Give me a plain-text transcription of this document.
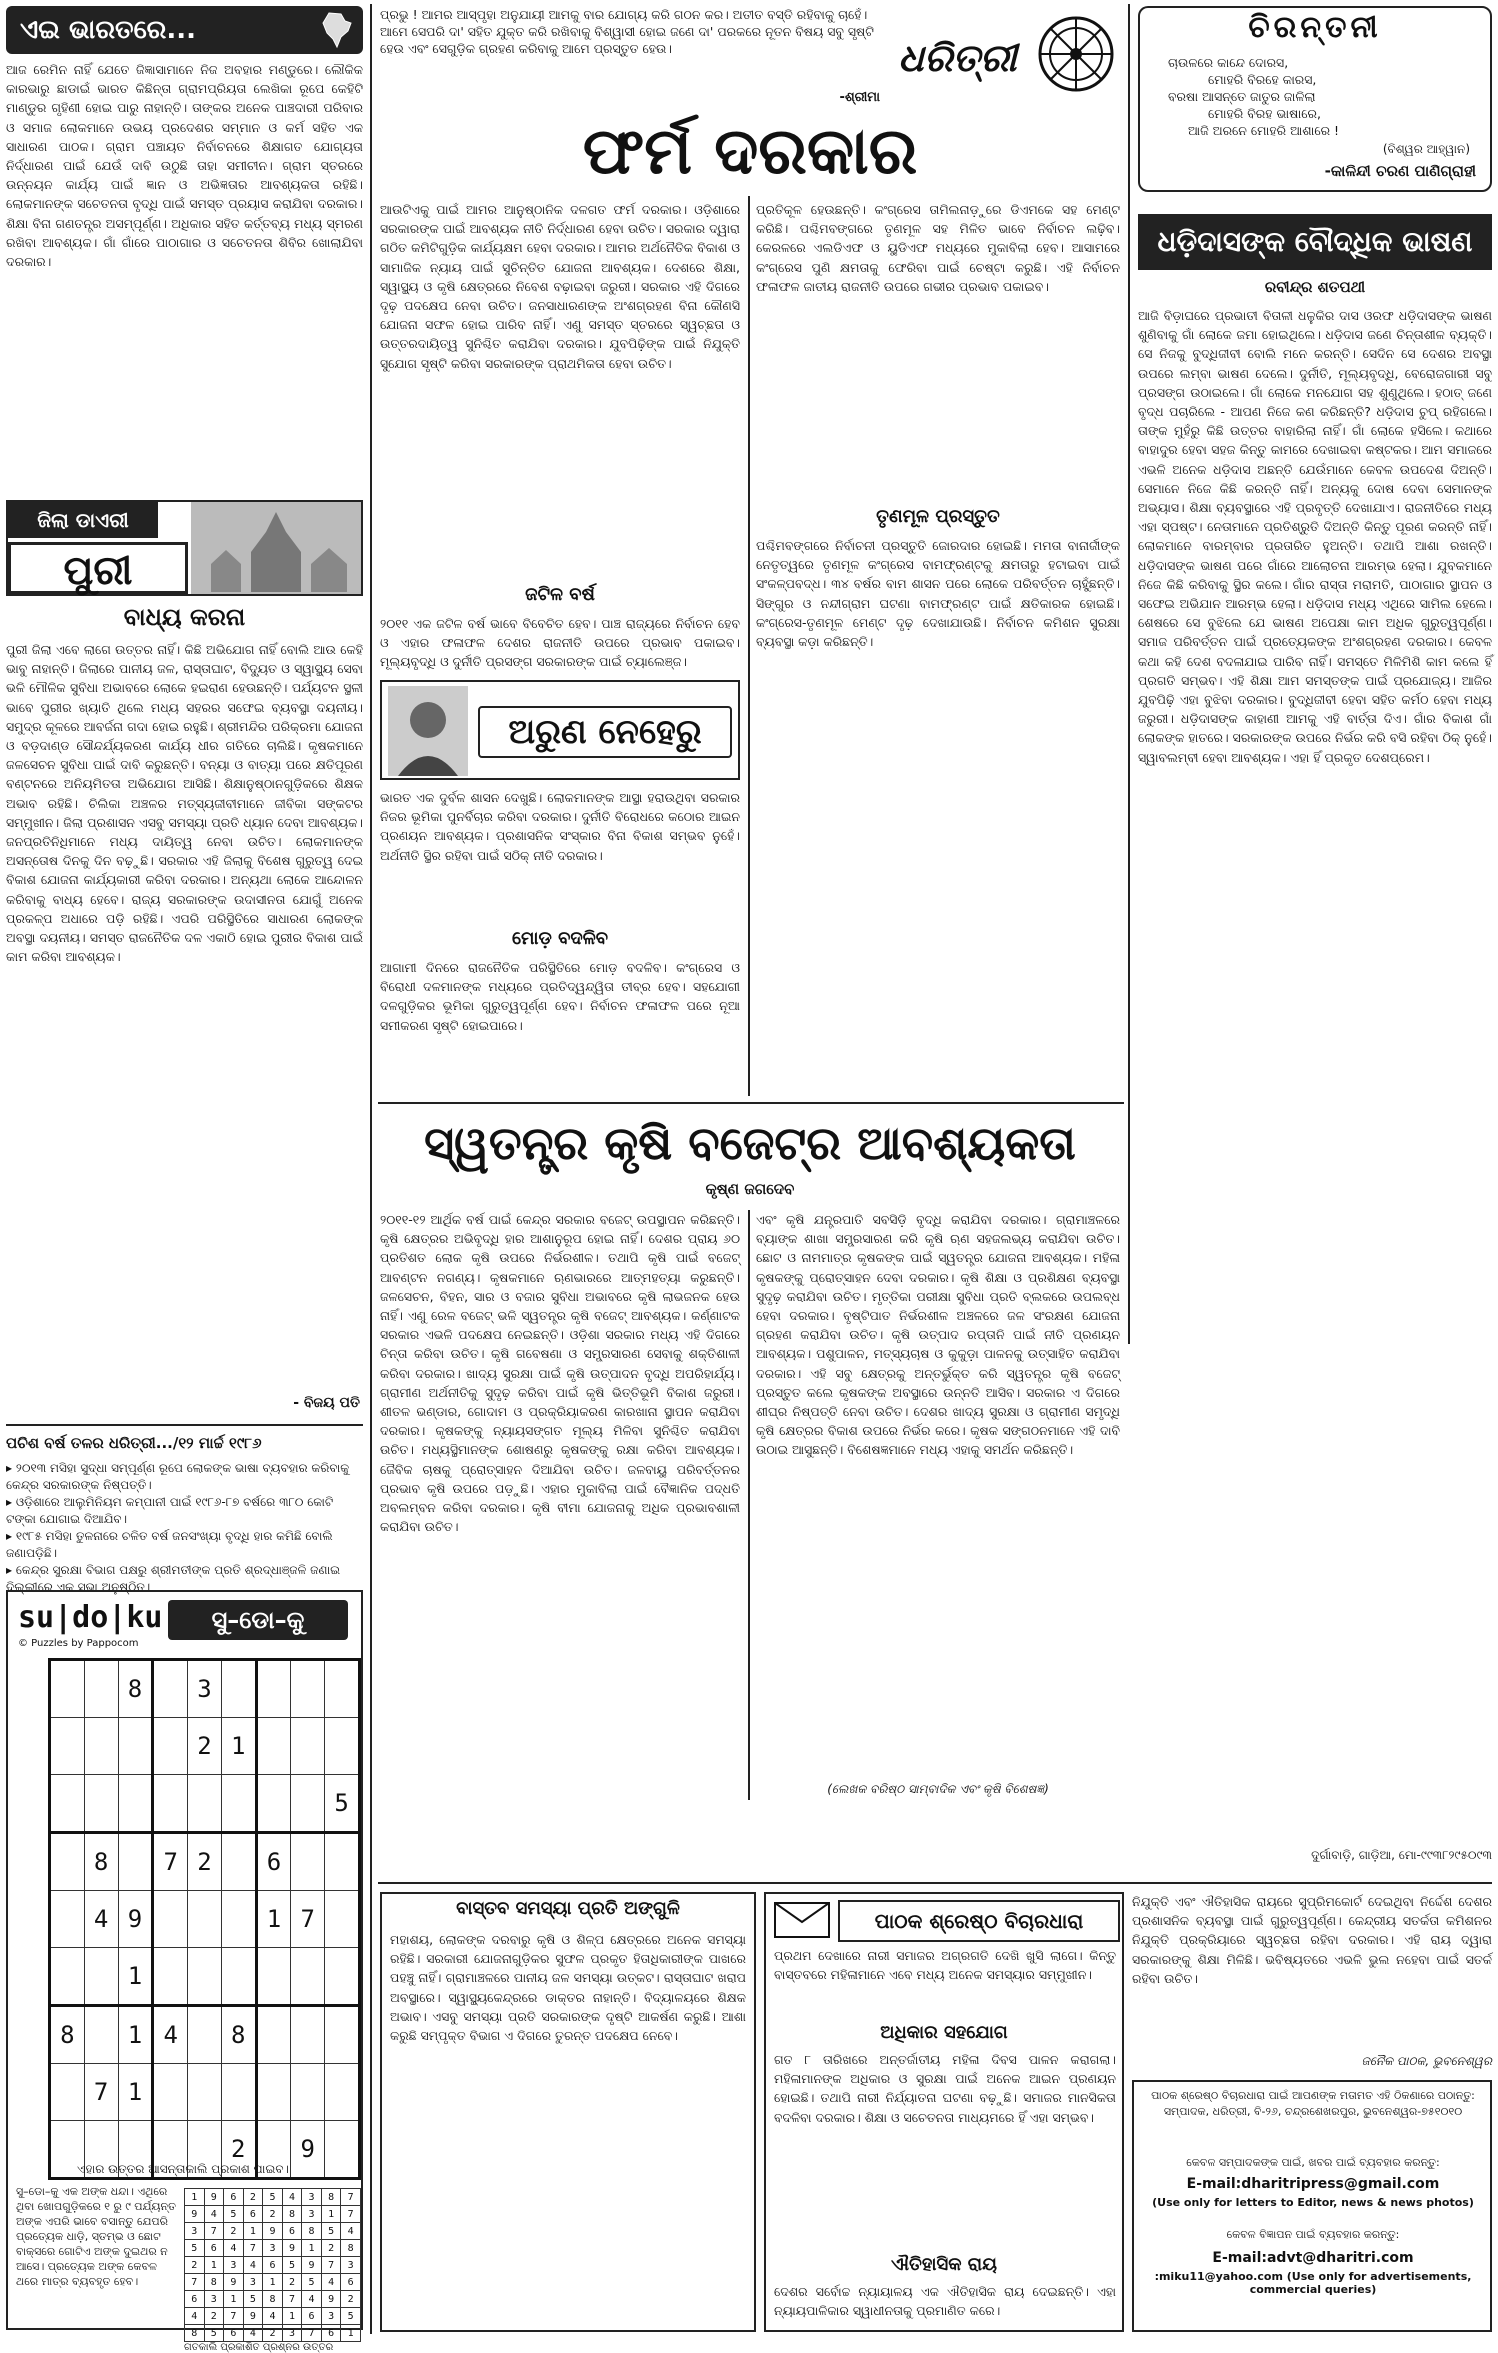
ଏଇ ଭାରତରେ...
ଆଜ ରେମିନ ନାହିଁ ଯେତେ ଜିଜ୍ଞାସାମାନେ ନିଜ ଅବହାର ମଣ୍ଡୁରେ। ଲୌକିକ କାରଭାରୁ ଛାଡାଇଁ ଭାରତ କିଛିନ୍ତା ଗ୍ରାମପ୍ରିୟତା ଲେଖିକା ରୂପେ କେହିଟି ମାଣ୍ଡୁର ଗୃହିଣୀ ହୋଇ ପାରୁ ନାହାନ୍ତି। ତାଙ୍କର ଅନେକ ପାଞ୍ଚଦାରୀ ପରିବାର ଓ ସମାଜ ଲୋକମାନେ ଉଭୟ ପ୍ରଦେଶର ସମ୍ମାନ ଓ କର୍ମ ସହିତ ଏକ ସାଧାରଣ ପାଠକ। ଗ୍ରାମ ପଞ୍ଚାୟତ ନିର୍ବାଚନରେ ଶିକ୍ଷାଗତ ଯୋଗ୍ୟତା ନିର୍ଦ୍ଧାରଣ ପାଇଁ ଯେଉଁ ଦାବି ଉଠୁଛି ତାହା ସମୀଚୀନ। ଗ୍ରାମ ସ୍ତରରେ ଉନ୍ନୟନ କାର୍ଯ୍ୟ ପାଇଁ ଜ୍ଞାନ ଓ ଅଭିଜ୍ଞତାର ଆବଶ୍ୟକତା ରହିଛି। ଲୋକମାନଙ୍କ ସଚେତନତା ବୃଦ୍ଧି ପାଇଁ ସମସ୍ତ ପ୍ରୟାସ କରାଯିବା ଦରକାର। ଶିକ୍ଷା ବିନା ଗଣତନ୍ତ୍ର ଅସମ୍ପୂର୍ଣ୍ଣ। ଅଧିକାର ସହିତ କର୍ତ୍ତବ୍ୟ ମଧ୍ୟ ସ୍ମରଣ ରଖିବା ଆବଶ୍ୟକ। ଗାଁ ଗାଁରେ ପାଠାଗାର ଓ ସଚେତନତା ଶିବିର ଖୋଲାଯିବା ଦରକାର।
ଜିଲା ଡାଏରୀ
ପୁରୀ
ବାଧ୍ୟ କରନା
ପୁରୀ ଜିଲା ଏବେ ଲାଗେ ଉତ୍ତର ନାହିଁ। କିଛି ଅଭିଯୋଗ ନାହିଁ ବୋଲି ଆଉ କେହି ଭାବୁ ନାହାନ୍ତି। ଜିଲାରେ ପାନୀୟ ଜଳ, ରାସ୍ତାଘାଟ, ବିଦ୍ୟୁତ ଓ ସ୍ୱାସ୍ଥ୍ୟ ସେବା ଭଳି ମୌଳିକ ସୁବିଧା ଅଭାବରେ ଲୋକେ ହଇରାଣ ହେଉଛନ୍ତି। ପର୍ଯ୍ୟଟନ ସ୍ଥଳୀ ଭାବେ ପୁରୀର ଖ୍ୟାତି ଥିଲେ ମଧ୍ୟ ସହରର ସଫେଇ ବ୍ୟବସ୍ଥା ଦୟନୀୟ। ସମୁଦ୍ର କୂଳରେ ଆବର୍ଜନା ଗଦା ହୋଇ ରହୁଛି। ଶ୍ରୀମନ୍ଦିର ପରିକ୍ରମା ଯୋଜନା ଓ ବଡ଼ଦାଣ୍ଡ ସୌନ୍ଦର୍ଯ୍ୟକରଣ କାର୍ଯ୍ୟ ଧୀର ଗତିରେ ଚାଲିଛି। କୃଷକମାନେ ଜଳସେଚନ ସୁବିଧା ପାଇଁ ଦାବି କରୁଛନ୍ତି। ବନ୍ୟା ଓ ବାତ୍ୟା ପରେ କ୍ଷତିପୂରଣ ବଣ୍ଟନରେ ଅନିୟମିତତା ଅଭିଯୋଗ ଆସିଛି। ଶିକ୍ଷାନୁଷ୍ଠାନଗୁଡ଼ିକରେ ଶିକ୍ଷକ ଅଭାବ ରହିଛି। ଚିଲିକା ଅଞ୍ଚଳର ମତ୍ସ୍ୟଜୀବୀମାନେ ଜୀବିକା ସଙ୍କଟର ସମ୍ମୁଖୀନ। ଜିଲା ପ୍ରଶାସନ ଏସବୁ ସମସ୍ୟା ପ୍ରତି ଧ୍ୟାନ ଦେବା ଆବଶ୍ୟକ। ଜନପ୍ରତିନିଧିମାନେ ମଧ୍ୟ ଦାୟିତ୍ୱ ନେବା ଉଚିତ। ଲୋକମାନଙ୍କ ଅସନ୍ତୋଷ ଦିନକୁ ଦିନ ବଢ଼ୁଛି। ସରକାର ଏହି ଜିଲାକୁ ବିଶେଷ ଗୁରୁତ୍ୱ ଦେଇ ବିକାଶ ଯୋଜନା କାର୍ଯ୍ୟକାରୀ କରିବା ଦରକାର। ଅନ୍ୟଥା ଲୋକେ ଆନ୍ଦୋଳନ କରିବାକୁ ବାଧ୍ୟ ହେବେ। ରାଜ୍ୟ ସରକାରଙ୍କ ଉଦାସୀନତା ଯୋଗୁଁ ଅନେକ ପ୍ରକଳ୍ପ ଅଧାରେ ପଡ଼ି ରହିଛି। ଏପରି ପରିସ୍ଥିତିରେ ସାଧାରଣ ଲୋକଙ୍କ ଅବସ୍ଥା ଦୟନୀୟ। ସମସ୍ତ ରାଜନୈତିକ ଦଳ ଏକାଠି ହୋଇ ପୁରୀର ବିକାଶ ପାଇଁ କାମ କରିବା ଆବଶ୍ୟକ।
- ବିଜୟ ପତି
ପଚିଶ ବର୍ଷ ତଳର ଧରିତ୍ରୀ.../୧୨ ମାର୍ଚ୍ଚ ୧୯୮୬
▸ ୨୦୧୩ ମସିହା ସୁଦ୍ଧା ସମ୍ପୂର୍ଣ୍ଣ ରୂପେ ଲୋକଙ୍କ ଭାଷା ବ୍ୟବହାର କରିବାକୁ କେନ୍ଦ୍ର ସରକାରଙ୍କ ନିଷ୍ପତ୍ତି।
▸ ଓଡ଼ିଶାରେ ଆଲୁମିନିୟମ କମ୍ପାନୀ ପାଇଁ ୧୯୮୬-୮୭ ବର୍ଷରେ ୩୮୦ କୋଟି ଟଙ୍କା ଯୋଗାଇ ଦିଆଯିବ।
▸ ୧୯୮୫ ମସିହା ତୁଳନାରେ ଚଳିତ ବର୍ଷ ଜନସଂଖ୍ୟା ବୃଦ୍ଧି ହାର କମିଛି ବୋଲି ଜଣାପଡ଼ିଛି।
▸ କେନ୍ଦ୍ର ସୁରକ୍ଷା ବିଭାଗ ପକ୍ଷରୁ ଶ୍ରୀମତୀଙ୍କ ପ୍ରତି ଶ୍ରଦ୍ଧାଞ୍ଜଳି ଜଣାଇ ଦିଲ୍ଲୀରେ ଏକ ସଭା ଅନୁଷ୍ଠିତ।
su|do|ku
© Puzzles by Pappocom
ସୁ–ଡୋ–କୁ
		8		3				
				2	1			
								5
	8		7	2		6		
	4	9				1	7	
		1						
8		1	4		8			
	7	1						
					2		9	
ଏହାର ଉତ୍ତର ଆସନ୍ତାକାଲି ପ୍ରକାଶ ପାଇବ।
ସୁ–ଡୋ–କୁ ଏକ ଅଙ୍କ ଧନ୍ଦା। ଏଥିରେ ଥିବା ଖୋପଗୁଡ଼ିକରେ ୧ ରୁ ୯ ପର୍ଯ୍ୟନ୍ତ ଅଙ୍କ ଏପରି ଭାବେ ବସାନ୍ତୁ ଯେପରି ପ୍ରତ୍ୟେକ ଧାଡ଼ି, ସ୍ତମ୍ଭ ଓ ଛୋଟ ବାକ୍ସରେ ଗୋଟିଏ ଅଙ୍କ ଦୁଇଥର ନ ଆସେ। ପ୍ରତ୍ୟେକ ଅଙ୍କ କେବଳ ଥରେ ମାତ୍ର ବ୍ୟବହୃତ ହେବ।
1	9	6	2	5	4	3	8	7
9	4	5	6	2	8	3	1	7
3	7	2	1	9	6	8	5	4
5	6	4	7	3	9	1	2	8
2	1	3	4	6	5	9	7	3
7	8	9	3	1	2	5	4	6
6	3	1	5	8	7	4	9	2
4	2	7	9	4	1	6	3	5
8	5	6	4	2	3	7	6	1
ଗତକାଲି ପ୍ରକାଶିତ ପ୍ରଶ୍ନର ଉତ୍ତର
ପ୍ରଭୁ ! ଆମର ଆସ୍ପୃହା ଅନୁଯାୟୀ ଆମକୁ ବାର ଯୋଗ୍ୟ କରି ଗଠନ କର। ଅତୀତ ବସ୍ତି ରହିବାକୁ ଚାହେଁ। ଆମେ ସେପରି ଦା' ସହିତ ଯୁକ୍ତ କରି ରଖିବାକୁ ବିଶ୍ୱାସୀ ହୋଇ ଜଣେ ଦା' ପରକରେ ନୂତନ ବିଷୟ ସବୁ ସୃଷ୍ଟି ହେଉ ଏବଂ ସେଗୁଡ଼ିକ ଗ୍ରହଣ କରିବାକୁ ଆମେ ପ୍ରସ୍ତୁତ ହେଉ।
-ଶ୍ରୀମା
ଧରିତ୍ରୀ
ଫର୍ମ ଦରକାର
ଆଉଟିଏକୁ ପାଇଁ ଆମର ଆନୁଷ୍ଠାନିକ ଦଳଗତ ଫର୍ମ ଦରକାର। ଓଡ଼ିଶାରେ ସରକାରଙ୍କ ପାଇଁ ଆବଶ୍ୟକ ନୀତି ନିର୍ଦ୍ଧାରଣ ହେବା ଉଚିତ। ସରକାର ଦ୍ୱାରା ଗଠିତ କମିଟିଗୁଡ଼ିକ କାର୍ଯ୍ୟକ୍ଷମ ହେବା ଦରକାର। ଆମର ଅର୍ଥନୈତିକ ବିକାଶ ଓ ସାମାଜିକ ନ୍ୟାୟ ପାଇଁ ସୁଚିନ୍ତିତ ଯୋଜନା ଆବଶ୍ୟକ। ଦେଶରେ ଶିକ୍ଷା, ସ୍ୱାସ୍ଥ୍ୟ ଓ କୃଷି କ୍ଷେତ୍ରରେ ନିବେଶ ବଢ଼ାଇବା ଜରୁରୀ। ସରକାର ଏହି ଦିଗରେ ଦୃଢ଼ ପଦକ୍ଷେପ ନେବା ଉଚିତ। ଜନସାଧାରଣଙ୍କ ଅଂଶଗ୍ରହଣ ବିନା କୌଣସି ଯୋଜନା ସଫଳ ହୋଇ ପାରିବ ନାହିଁ। ଏଣୁ ସମସ୍ତ ସ୍ତରରେ ସ୍ୱଚ୍ଛତା ଓ ଉତ୍ତରଦାୟିତ୍ୱ ସୁନିଶ୍ଚିତ କରାଯିବା ଦରକାର। ଯୁବପିଢ଼ିଙ୍କ ପାଇଁ ନିଯୁକ୍ତି ସୁଯୋଗ ସୃଷ୍ଟି କରିବା ସରକାରଙ୍କ ପ୍ରାଥମିକତା ହେବା ଉଚିତ।
ଜଟିଳ ବର୍ଷ
୨୦୧୧ ଏକ ଜଟିଳ ବର୍ଷ ଭାବେ ବିବେଚିତ ହେବ। ପାଞ୍ଚ ରାଜ୍ୟରେ ନିର୍ବାଚନ ହେବ ଓ ଏହାର ଫଳାଫଳ ଦେଶର ରାଜନୀତି ଉପରେ ପ୍ରଭାବ ପକାଇବ। ମୂଲ୍ୟବୃଦ୍ଧି ଓ ଦୁର୍ନୀତି ପ୍ରସଙ୍ଗ ସରକାରଙ୍କ ପାଇଁ ଚ୍ୟାଲେଞ୍ଜ।
ଅରୁଣ ନେହେରୁ
ଭାରତ ଏକ ଦୁର୍ବଳ ଶାସନ ଦେଖୁଛି। ଲୋକମାନଙ୍କ ଆସ୍ଥା ହରାଉଥିବା ସରକାର ନିଜର ଭୂମିକା ପୁନର୍ବିଚାର କରିବା ଦରକାର। ଦୁର୍ନୀତି ବିରୋଧରେ କଠୋର ଆଇନ ପ୍ରଣୟନ ଆବଶ୍ୟକ। ପ୍ରଶାସନିକ ସଂସ୍କାର ବିନା ବିକାଶ ସମ୍ଭବ ନୁହେଁ। ଅର୍ଥନୀତି ସ୍ଥିର ରହିବା ପାଇଁ ସଠିକ୍ ନୀତି ଦରକାର।
ମୋଡ଼ ବଦଳିବ
ଆଗାମୀ ଦିନରେ ରାଜନୈତିକ ପରିସ୍ଥିତିରେ ମୋଡ଼ ବଦଳିବ। କଂଗ୍ରେସ ଓ ବିରୋଧୀ ଦଳମାନଙ୍କ ମଧ୍ୟରେ ପ୍ରତିଦ୍ୱନ୍ଦ୍ୱିତା ତୀବ୍ର ହେବ। ସହଯୋଗୀ ଦଳଗୁଡ଼ିକର ଭୂମିକା ଗୁରୁତ୍ୱପୂର୍ଣ୍ଣ ହେବ। ନିର୍ବାଚନ ଫଳାଫଳ ପରେ ନୂଆ ସମୀକରଣ ସୃଷ୍ଟି ହୋଇପାରେ।
ପ୍ରତିକୂଳ ହେଉଛନ୍ତି। କଂଗ୍ରେସ ତାମିଲନାଡ଼ୁରେ ଡିଏମକେ ସହ ମେଣ୍ଟ କରିଛି। ପଶ୍ଚିମବଙ୍ଗରେ ତୃଣମୂଳ ସହ ମିଳିତ ଭାବେ ନିର୍ବାଚନ ଲଢ଼ିବ। କେରଳରେ ଏଲଡିଏଫ ଓ ୟୁଡିଏଫ ମଧ୍ୟରେ ମୁକାବିଲା ହେବ। ଆସାମରେ କଂଗ୍ରେସ ପୁଣି କ୍ଷମତାକୁ ଫେରିବା ପାଇଁ ଚେଷ୍ଟା କରୁଛି। ଏହି ନିର୍ବାଚନ ଫଳାଫଳ ଜାତୀୟ ରାଜନୀତି ଉପରେ ଗଭୀର ପ୍ରଭାବ ପକାଇବ।
ତୃଣମୂଳ ପ୍ରସ୍ତୁତ
ପଶ୍ଚିମବଙ୍ଗରେ ନିର୍ବାଚନୀ ପ୍ରସ୍ତୁତି ଜୋରଦାର ହୋଇଛି। ମମତା ବାନାର୍ଜୀଙ୍କ ନେତୃତ୍ୱରେ ତୃଣମୂଳ କଂଗ୍ରେସ ବାମଫ୍ରଣ୍ଟକୁ କ୍ଷମତାରୁ ହଟାଇବା ପାଇଁ ସଂକଳ୍ପବଦ୍ଧ। ୩୪ ବର୍ଷର ବାମ ଶାସନ ପରେ ଲୋକେ ପରିବର୍ତ୍ତନ ଚାହୁଁଛନ୍ତି। ସିଙ୍ଗୁର ଓ ନନ୍ଦୀଗ୍ରାମ ଘଟଣା ବାମଫ୍ରଣ୍ଟ ପାଇଁ କ୍ଷତିକାରକ ହୋଇଛି। କଂଗ୍ରେସ-ତୃଣମୂଳ ମେଣ୍ଟ ଦୃଢ଼ ଦେଖାଯାଉଛି। ନିର୍ବାଚନ କମିଶନ ସୁରକ୍ଷା ବ୍ୟବସ୍ଥା କଡ଼ା କରିଛନ୍ତି।
ସ୍ୱତନ୍ତ୍ର କୃଷି ବଜେଟ୍‌ର ଆବଶ୍ୟକତା
କୃଷ୍ଣ ଜଗଦେବ
୨୦୧୧-୧୨ ଆର୍ଥିକ ବର୍ଷ ପାଇଁ କେନ୍ଦ୍ର ସରକାର ବଜେଟ୍ ଉପସ୍ଥାପନ କରିଛନ୍ତି। କୃଷି କ୍ଷେତ୍ରର ଅଭିବୃଦ୍ଧି ହାର ଆଶାନୁରୂପ ହୋଇ ନାହିଁ। ଦେଶର ପ୍ରାୟ ୬୦ ପ୍ରତିଶତ ଲୋକ କୃଷି ଉପରେ ନିର୍ଭରଶୀଳ। ତଥାପି କୃଷି ପାଇଁ ବଜେଟ୍ ଆବଣ୍ଟନ ନଗଣ୍ୟ। କୃଷକମାନେ ଋଣଭାରରେ ଆତ୍ମହତ୍ୟା କରୁଛନ୍ତି। ଜଳସେଚନ, ବିହନ, ସାର ଓ ବଜାର ସୁବିଧା ଅଭାବରେ କୃଷି ଲାଭଜନକ ହେଉ ନାହିଁ। ଏଣୁ ରେଳ ବଜେଟ୍ ଭଳି ସ୍ୱତନ୍ତ୍ର କୃଷି ବଜେଟ୍ ଆବଶ୍ୟକ। କର୍ଣ୍ଣାଟକ ସରକାର ଏଭଳି ପଦକ୍ଷେପ ନେଇଛନ୍ତି। ଓଡ଼ିଶା ସରକାର ମଧ୍ୟ ଏହି ଦିଗରେ ଚିନ୍ତା କରିବା ଉଚିତ। କୃଷି ଗବେଷଣା ଓ ସମ୍ପ୍ରସାରଣ ସେବାକୁ ଶକ୍ତିଶାଳୀ କରିବା ଦରକାର। ଖାଦ୍ୟ ସୁରକ୍ଷା ପାଇଁ କୃଷି ଉତ୍ପାଦନ ବୃଦ୍ଧି ଅପରିହାର୍ଯ୍ୟ। ଗ୍ରାମୀଣ ଅର୍ଥନୀତିକୁ ସୁଦୃଢ଼ କରିବା ପାଇଁ କୃଷି ଭିତ୍ତିଭୂମି ବିକାଶ ଜରୁରୀ। ଶୀତଳ ଭଣ୍ଡାର, ଗୋଦାମ ଓ ପ୍ରକ୍ରିୟାକରଣ କାରଖାନା ସ୍ଥାପନ କରାଯିବା ଦରକାର। କୃଷକଙ୍କୁ ନ୍ୟାୟସଙ୍ଗତ ମୂଲ୍ୟ ମିଳିବା ସୁନିଶ୍ଚିତ କରାଯିବା ଉଚିତ। ମଧ୍ୟସ୍ଥିମାନଙ୍କ ଶୋଷଣରୁ କୃଷକଙ୍କୁ ରକ୍ଷା କରିବା ଆବଶ୍ୟକ। ଜୈବିକ ଚାଷକୁ ପ୍ରୋତ୍ସାହନ ଦିଆଯିବା ଉଚିତ। ଜଳବାୟୁ ପରିବର୍ତ୍ତନର ପ୍ରଭାବ କୃଷି ଉପରେ ପଡ଼ୁଛି। ଏହାର ମୁକାବିଲା ପାଇଁ ବୈଜ୍ଞାନିକ ପଦ୍ଧତି ଅବଲମ୍ବନ କରିବା ଦରକାର। କୃଷି ବୀମା ଯୋଜନାକୁ ଅଧିକ ପ୍ରଭାବଶାଳୀ କରାଯିବା ଉଚିତ।
ଏବଂ କୃଷି ଯନ୍ତ୍ରପାତି ସବସିଡ଼ି ବୃଦ୍ଧି କରାଯିବା ଦରକାର। ଗ୍ରାମାଞ୍ଚଳରେ ବ୍ୟାଙ୍କ ଶାଖା ସମ୍ପ୍ରସାରଣ କରି କୃଷି ଋଣ ସହଜଲଭ୍ୟ କରାଯିବା ଉଚିତ। ଛୋଟ ଓ ନାମମାତ୍ର କୃଷକଙ୍କ ପାଇଁ ସ୍ୱତନ୍ତ୍ର ଯୋଜନା ଆବଶ୍ୟକ। ମହିଳା କୃଷକଙ୍କୁ ପ୍ରୋତ୍ସାହନ ଦେବା ଦରକାର। କୃଷି ଶିକ୍ଷା ଓ ପ୍ରଶିକ୍ଷଣ ବ୍ୟବସ୍ଥା ସୁଦୃଢ଼ କରାଯିବା ଉଚିତ। ମୃତ୍ତିକା ପରୀକ୍ଷା ସୁବିଧା ପ୍ରତି ବ୍ଲକରେ ଉପଲବ୍ଧ ହେବା ଦରକାର। ବୃଷ୍ଟିପାତ ନିର୍ଭରଶୀଳ ଅଞ୍ଚଳରେ ଜଳ ସଂରକ୍ଷଣ ଯୋଜନା ଗ୍ରହଣ କରାଯିବା ଉଚିତ। କୃଷି ଉତ୍ପାଦ ରପ୍ତାନି ପାଇଁ ନୀତି ପ୍ରଣୟନ ଆବଶ୍ୟକ। ପଶୁପାଳନ, ମତ୍ସ୍ୟଚାଷ ଓ କୁକୁଡ଼ା ପାଳନକୁ ଉତ୍ସାହିତ କରାଯିବା ଦରକାର। ଏହି ସବୁ କ୍ଷେତ୍ରକୁ ଅନ୍ତର୍ଭୁକ୍ତ କରି ସ୍ୱତନ୍ତ୍ର କୃଷି ବଜେଟ୍ ପ୍ରସ୍ତୁତ କଲେ କୃଷକଙ୍କ ଅବସ୍ଥାରେ ଉନ୍ନତି ଆସିବ। ସରକାର ଏ ଦିଗରେ ଶୀଘ୍ର ନିଷ୍ପତ୍ତି ନେବା ଉଚିତ। ଦେଶର ଖାଦ୍ୟ ସୁରକ୍ଷା ଓ ଗ୍ରାମୀଣ ସମୃଦ୍ଧି କୃଷି କ୍ଷେତ୍ରର ବିକାଶ ଉପରେ ନିର୍ଭର କରେ। କୃଷକ ସଙ୍ଗଠନମାନେ ଏହି ଦାବି ଉଠାଇ ଆସୁଛନ୍ତି। ବିଶେଷଜ୍ଞମାନେ ମଧ୍ୟ ଏହାକୁ ସମର୍ଥନ କରିଛନ୍ତି।
(ଲେଖକ ବରିଷ୍ଠ ସାମ୍ବାଦିକ ଏବଂ କୃଷି ବିଶେଷଜ୍ଞ)
ଚିରନ୍ତନୀ
ଚାଉଳରେ କାନ୍ଦେ ଦୋରସ,
ମୋହରି ବିରହେ କାରସ,
ବରଷା ଆସନ୍ତେ ଜାତୁର ଜାଳିଲା
ମୋହରି ବିରହ ଭାଷାରେ,
ଆଜି ଅରନେ ମୋହରି ଆଶାରେ !
(ବିଶ୍ୱର ଆହ୍ୱାନ)
-କାଳିନ୍ଦୀ ଚରଣ ପାଣିଗ୍ରାହୀ
ଧଡ଼ିଦାସଙ୍କ ବୌଦ୍ଧିକ ଭାଷଣ
ରବୀନ୍ଦ୍ର ଶତପଥୀ
ଆଜି ବିଡ଼ାଘରେ ପ୍ରଭାତୀ ବିତାଳୀ ଧଳୁକିର ଦାସ ଓରଫ ଧଡ଼ିଦାସଙ୍କ ଭାଷଣ ଶୁଣିବାକୁ ଗାଁ ଲୋକେ ଜମା ହୋଇଥିଲେ। ଧଡ଼ିଦାସ ଜଣେ ଚିନ୍ତାଶୀଳ ବ୍ୟକ୍ତି। ସେ ନିଜକୁ ବୁଦ୍ଧିଜୀବୀ ବୋଲି ମନେ କରନ୍ତି। ସେଦିନ ସେ ଦେଶର ଅବସ୍ଥା ଉପରେ ଲମ୍ବା ଭାଷଣ ଦେଲେ। ଦୁର୍ନୀତି, ମୂଲ୍ୟବୃଦ୍ଧି, ବେରୋଜଗାରୀ ସବୁ ପ୍ରସଙ୍ଗ ଉଠାଇଲେ। ଗାଁ ଲୋକେ ମନଯୋଗ ସହ ଶୁଣୁଥିଲେ। ହଠାତ୍ ଜଣେ ବୃଦ୍ଧ ପଚାରିଲେ - ଆପଣ ନିଜେ କଣ କରିଛନ୍ତି? ଧଡ଼ିଦାସ ଚୁପ୍ ରହିଗଲେ। ତାଙ୍କ ମୁହଁରୁ କିଛି ଉତ୍ତର ବାହାରିଲା ନାହିଁ। ଗାଁ ଲୋକେ ହସିଲେ। କଥାରେ ବାହାଦୁର ହେବା ସହଜ କିନ୍ତୁ କାମରେ ଦେଖାଇବା କଷ୍ଟକର। ଆମ ସମାଜରେ ଏଭଳି ଅନେକ ଧଡ଼ିଦାସ ଅଛନ୍ତି ଯେଉଁମାନେ କେବଳ ଉପଦେଶ ଦିଅନ୍ତି। ସେମାନେ ନିଜେ କିଛି କରନ୍ତି ନାହିଁ। ଅନ୍ୟକୁ ଦୋଷ ଦେବା ସେମାନଙ୍କ ଅଭ୍ୟାସ। ଶିକ୍ଷା ବ୍ୟବସ୍ଥାରେ ଏହି ପ୍ରବୃତ୍ତି ଦେଖାଯାଏ। ରାଜନୀତିରେ ମଧ୍ୟ ଏହା ସ୍ପଷ୍ଟ। ନେତାମାନେ ପ୍ରତିଶ୍ରୁତି ଦିଅନ୍ତି କିନ୍ତୁ ପୂରଣ କରନ୍ତି ନାହିଁ। ଲୋକମାନେ ବାରମ୍ବାର ପ୍ରତାରିତ ହୁଅନ୍ତି। ତଥାପି ଆଶା ରଖନ୍ତି। ଧଡ଼ିଦାସଙ୍କ ଭାଷଣ ପରେ ଗାଁରେ ଆଲୋଚନା ଆରମ୍ଭ ହେଲା। ଯୁବକମାନେ ନିଜେ କିଛି କରିବାକୁ ସ୍ଥିର କଲେ। ଗାଁର ରାସ୍ତା ମରାମତି, ପାଠାଗାର ସ୍ଥାପନ ଓ ସଫେଇ ଅଭିଯାନ ଆରମ୍ଭ ହେଲା। ଧଡ଼ିଦାସ ମଧ୍ୟ ଏଥିରେ ସାମିଲ ହେଲେ। ଶେଷରେ ସେ ବୁଝିଲେ ଯେ ଭାଷଣ ଅପେକ୍ଷା କାମ ଅଧିକ ଗୁରୁତ୍ୱପୂର୍ଣ୍ଣ। ସମାଜ ପରିବର୍ତ୍ତନ ପାଇଁ ପ୍ରତ୍ୟେକଙ୍କ ଅଂଶଗ୍ରହଣ ଦରକାର। କେବଳ କଥା କହି ଦେଶ ବଦଳାଯାଇ ପାରିବ ନାହିଁ। ସମସ୍ତେ ମିଳିମିଶି କାମ କଲେ ହିଁ ପ୍ରଗତି ସମ୍ଭବ। ଏହି ଶିକ୍ଷା ଆମ ସମସ୍ତଙ୍କ ପାଇଁ ପ୍ରଯୋଜ୍ୟ। ଆଜିର ଯୁବପିଢ଼ି ଏହା ବୁଝିବା ଦରକାର। ବୁଦ୍ଧିଜୀବୀ ହେବା ସହିତ କର୍ମଠ ହେବା ମଧ୍ୟ ଜରୁରୀ। ଧଡ଼ିଦାସଙ୍କ କାହାଣୀ ଆମକୁ ଏହି ବାର୍ତ୍ତା ଦିଏ। ଗାଁର ବିକାଶ ଗାଁ ଲୋକଙ୍କ ହାତରେ। ସରକାରଙ୍କ ଉପରେ ନିର୍ଭର କରି ବସି ରହିବା ଠିକ୍ ନୁହେଁ। ସ୍ୱାବଲମ୍ବୀ ହେବା ଆବଶ୍ୟକ। ଏହା ହିଁ ପ୍ରକୃତ ଦେଶପ୍ରେମ।
ଦୁର୍ଗାବାଡ଼ି, ଗାଡ଼ିଆ, ମୋ-୯୯୩୮୨୯୫୦୯୩
ବାସ୍ତବ ସମସ୍ୟା ପ୍ରତି ଅଙ୍ଗୁଳି
ମହାଶୟ, ଲୋକଙ୍କ ଦରବାରୁ କୃଷି ଓ ଶିଳ୍ପ କ୍ଷେତ୍ରରେ ଅନେକ ସମସ୍ୟା ରହିଛି। ସରକାରୀ ଯୋଜନାଗୁଡ଼ିକର ସୁଫଳ ପ୍ରକୃତ ହିତାଧିକାରୀଙ୍କ ପାଖରେ ପହଞ୍ଚୁ ନାହିଁ। ଗ୍ରାମାଞ୍ଚଳରେ ପାନୀୟ ଜଳ ସମସ୍ୟା ଉତ୍କଟ। ରାସ୍ତାଘାଟ ଖରାପ ଅବସ୍ଥାରେ। ସ୍ୱାସ୍ଥ୍ୟକେନ୍ଦ୍ରରେ ଡାକ୍ତର ନାହାନ୍ତି। ବିଦ୍ୟାଳୟରେ ଶିକ୍ଷକ ଅଭାବ। ଏସବୁ ସମସ୍ୟା ପ୍ରତି ସରକାରଙ୍କ ଦୃଷ୍ଟି ଆକର୍ଷଣ କରୁଛି। ଆଶା କରୁଛି ସମ୍ପୃକ୍ତ ବିଭାଗ ଏ ଦିଗରେ ତୁରନ୍ତ ପଦକ୍ଷେପ ନେବେ।
ପାଠକ ଶ୍ରେଷ୍ଠ ବିଚାରଧାରା
ପ୍ରଥମ ଦେଖାରେ ନାରୀ ସମାଜର ଅଗ୍ରଗତି ଦେଖି ଖୁସି ଲାଗେ। କିନ୍ତୁ ବାସ୍ତବରେ ମହିଳାମାନେ ଏବେ ମଧ୍ୟ ଅନେକ ସମସ୍ୟାର ସମ୍ମୁଖୀନ।
ଅଧିକାର ସହଯୋଗ
ଗତ ୮ ତାରିଖରେ ଅନ୍ତର୍ଜାତୀୟ ମହିଳା ଦିବସ ପାଳନ କରାଗଲା। ମହିଳାମାନଙ୍କ ଅଧିକାର ଓ ସୁରକ୍ଷା ପାଇଁ ଅନେକ ଆଇନ ପ୍ରଣୟନ ହୋଇଛି। ତଥାପି ନାରୀ ନିର୍ଯ୍ୟାତନା ଘଟଣା ବଢ଼ୁଛି। ସମାଜର ମାନସିକତା ବଦଳିବା ଦରକାର। ଶିକ୍ଷା ଓ ସଚେତନତା ମାଧ୍ୟମରେ ହିଁ ଏହା ସମ୍ଭବ।
ଐତିହାସିକ ରାୟ
ଦେଶର ସର୍ବୋଚ୍ଚ ନ୍ୟାୟାଳୟ ଏକ ଐତିହାସିକ ରାୟ ଦେଇଛନ୍ତି। ଏହା ନ୍ୟାୟପାଳିକାର ସ୍ୱାଧୀନତାକୁ ପ୍ରମାଣିତ କରେ।
ନିଯୁକ୍ତି ଏବଂ ଐତିହାସିକ ରାୟରେ ସୁପ୍ରିମକୋର୍ଟ ଦେଇଥିବା ନିର୍ଦ୍ଦେଶ ଦେଶର ପ୍ରଶାସନିକ ବ୍ୟବସ୍ଥା ପାଇଁ ଗୁରୁତ୍ୱପୂର୍ଣ୍ଣ। କେନ୍ଦ୍ରୀୟ ସତର୍କତା କମିଶନର ନିଯୁକ୍ତି ପ୍ରକ୍ରିୟାରେ ସ୍ୱଚ୍ଛତା ରହିବା ଦରକାର। ଏହି ରାୟ ଦ୍ୱାରା ସରକାରଙ୍କୁ ଶିକ୍ଷା ମିଳିଛି। ଭବିଷ୍ୟତରେ ଏଭଳି ଭୁଲ ନହେବା ପାଇଁ ସତର୍କ ରହିବା ଉଚିତ।
ଜନୈକ ପାଠକ, ଭୁବନେଶ୍ୱର
ପାଠକ ଶ୍ରେଷ୍ଠ ବିଚାରଧାରା ପାଇଁ ଆପଣଙ୍କ ମତାମତ ଏହି ଠିକଣାରେ ପଠାନ୍ତୁ: ସମ୍ପାଦକ, ଧରିତ୍ରୀ, ବି-୨୬, ଚନ୍ଦ୍ରଶେଖରପୁର, ଭୁବନେଶ୍ୱର-୭୫୧୦୧୦
କେବଳ ସମ୍ପାଦକଙ୍କ ପାଇଁ, ଖବର ପାଇଁ ବ୍ୟବହାର କରନ୍ତୁ:
E-mail:dharitripress@gmail.com
(Use only for letters to Editor, news & news photos)
କେବଳ ବିଜ୍ଞାପନ ପାଇଁ ବ୍ୟବହାର କରନ୍ତୁ:
E-mail:advt@dharitri.com
:miku11@yahoo.com (Use only for advertisements, commercial queries)
